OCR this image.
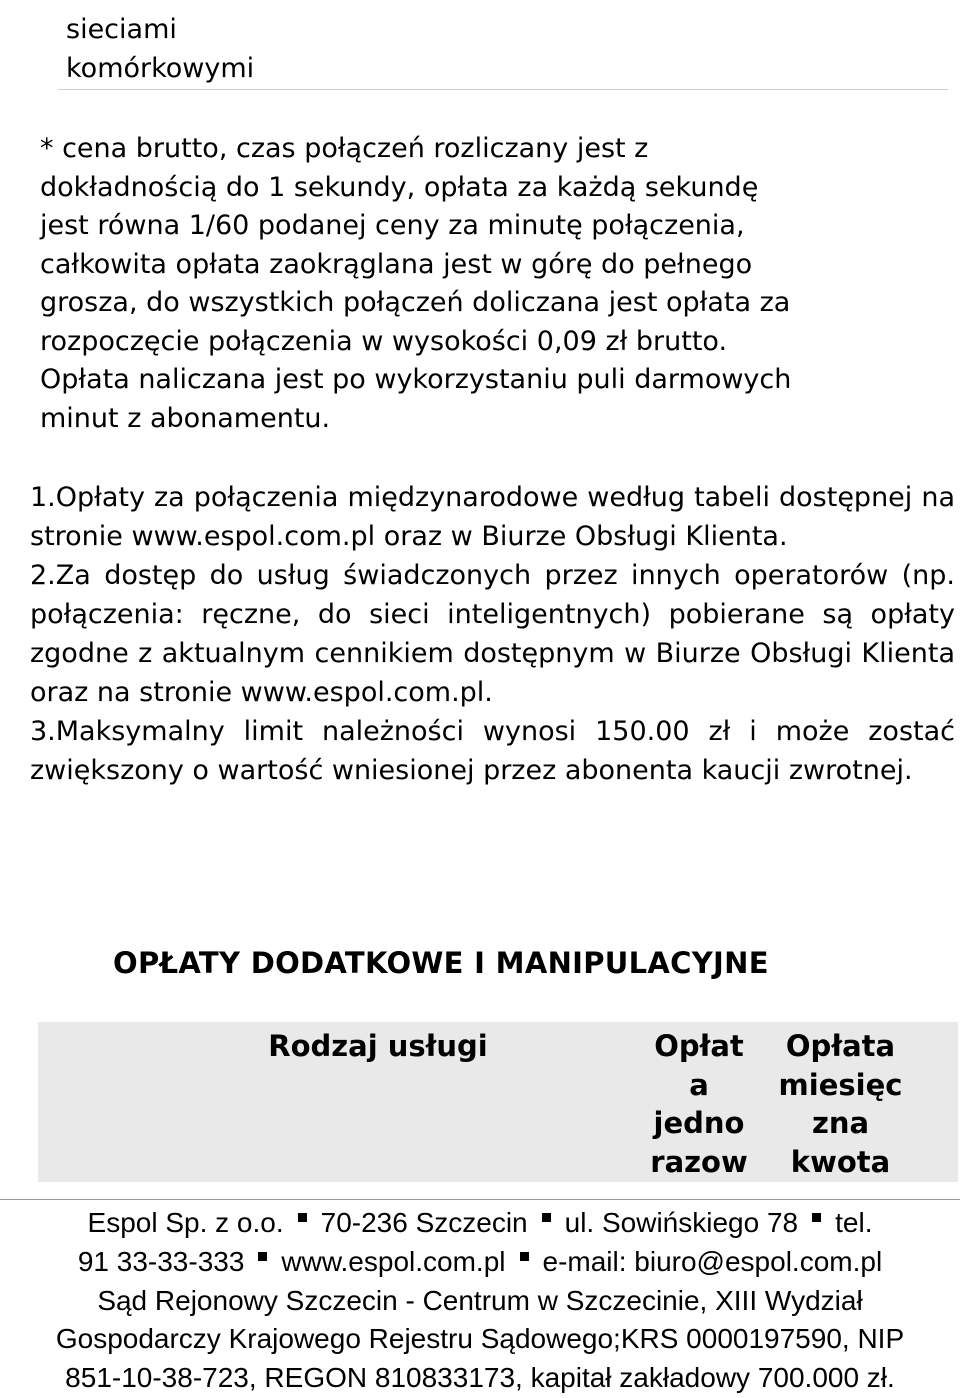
sieciami
komórkowymi
* cena brutto, czas połączeń rozliczany jest z
dokładnością do 1 sekundy, opłata za każdą sekundę
jest równa 1/60 podanej ceny za minutę połączenia,
całkowita opłata zaokrąglana jest w górę do pełnego
grosza, do wszystkich połączeń doliczana jest opłata za
rozpoczęcie połączenia w wysokości 0,09 zł brutto.
Opłata naliczana jest po wykorzystaniu puli darmowych
minut z abonamentu.

1.Opłaty za połączenia międzynarodowe według tabeli dostępnej na stronie www.espol.com.pl oraz w Biurze Obsługi Klienta.

2.Za dostęp do usług świadczonych przez innych operatorów (np. połączenia: ręczne, do sieci inteligentnych) pobierane są opłaty zgodne z aktualnym cennikiem dostępnym w Biurze Obsługi Klienta oraz na stronie www.espol.com.pl.

3.Maksymalny limit należności wynosi 150.00 zł i może zostać zwiększony o wartość wniesionej przez abonenta kaucji zwrotnej.

OPŁATY DODATKOWE I MANIPULACYJNE
Rodzaj usługi	Opłat
a
jedno
razow
Opłata
miesięc
zna
kwota
Espol Sp. z o.o. 70-236 Szczecin ul. Sowińskiego 78 tel.
91 33-33-333 www.espol.com.pl e-mail: biuro@espol.com.pl
Sąd Rejonowy Szczecin - Centrum w Szczecinie, XIII Wydział
Gospodarczy Krajowego Rejestru Sądowego;KRS 0000197590, NIP
851-10-38-723, REGON 810833173, kapitał zakładowy 700.000 zł.
